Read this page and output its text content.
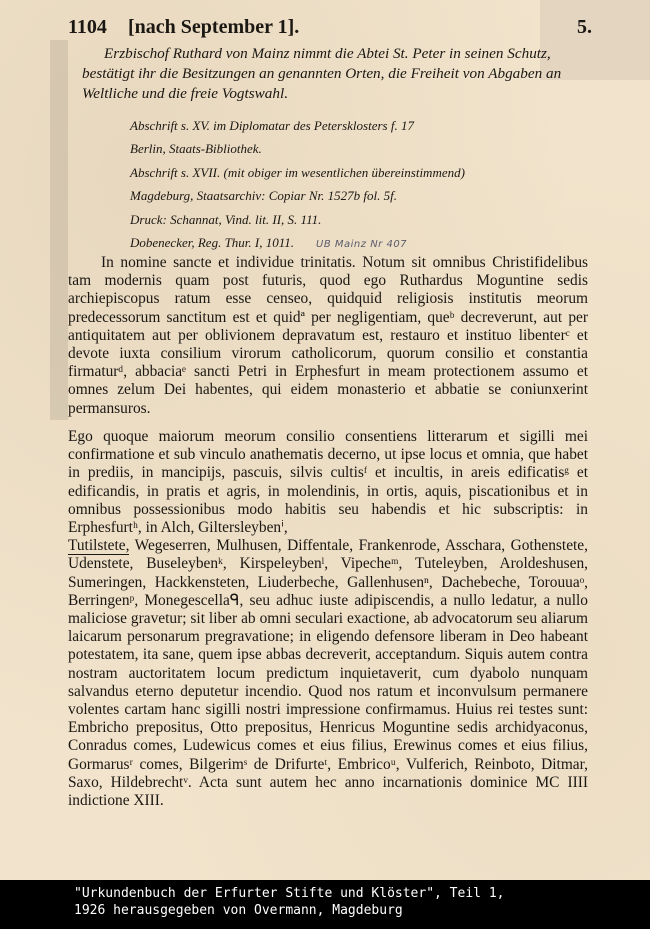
1104 [nach September 1].	5.
Erzbischof Ruthard von Mainz nimmt die Abtei St. Peter in seinen Schutz, bestätigt ihr die Besitzungen an genannten Orten, die Freiheit von Abgaben an Weltliche und die freie Vogtswahl.
Abschrift s. XV. im Diplomatar des Petersklosters f. 17
Berlin, Staats-Bibliothek.
Abschrift s. XVII. (mit obiger im wesentlichen übereinstimmend)
Magdeburg, Staatsarchiv: Copiar Nr. 1527b fol. 5f.
Druck: Schannat, Vind. lit. II, S. 111.
Dobenecker, Reg. Thur. I, 1011. UB Mainz Nr 407
In nomine sancte et individue trinitatis. Notum sit omnibus Christifidelibus tam modernis quam post futuris, quod ego Ruthardus Moguntine sedis archiepiscopus ratum esse censeo, quidquid religiosis institutis meorum predecessorum sanctitum est et quidª per negligentiam, queᵇ decreverunt, aut per antiquitatem aut per oblivionem depravatum est, restauro et instituo libenterᶜ et devote iuxta consilium virorum catholicorum, quorum consilio et constantia firmaturᵈ, abbaciaᵉ sancti Petri in Erphesfurt in meam protectionem assumo et omnes zelum Dei habentes, qui eidem monasterio et abbatie se coniunxerint permansuros.
Ego quoque maiorum meorum consilio consentiens litterarum et sigilli mei confirmatione et sub vinculo anathematis decerno, ut ipse locus et omnia, que habet in prediis, in mancipijs, pascuis, silvis cultisᶠ et incultis, in areis edificatisᵍ et edificandis, in pratis et agris, in molendinis, in ortis, aquis, piscationibus et in omnibus possessionibus modo habitis seu habendis et hic subscriptis: in Erphesfurtʰ, in Alch, Giltersleybenⁱ,
Tutilstete, Wegeserren, Mulhusen, Diffentale, Frankenrode, Asschara, Gothenstete, Udenstete, Buseleybenᵏ, Kirspeleybenˡ, Vipecheᵐ, Tuteleyben, Aroldeshusen, Sumeringen, Hackkensteten, Liuderbeche, Gallenhusenⁿ, Dachebeche, Torouuaᵒ, Berringenᵖ, Monegescellaᑫ, seu adhuc iuste adipiscendis, a nullo ledatur, a nullo maliciose gravetur; sit liber ab omni seculari exactione, ab advocatorum seu aliarum laicarum personarum pregravatione; in eligendo defensore liberam in Deo habeant potestatem, ita sane, quem ipse abbas decreverit, acceptandum. Siquis autem contra nostram auctoritatem locum predictum inquietaverit, cum dyabolo nunquam salvandus eterno deputetur incendio. Quod nos ratum et inconvulsum permanere volentes cartam hanc sigilli nostri impressione confirmamus. Huius rei testes sunt: Embricho prepositus, Otto prepositus, Henricus Moguntine sedis archidyaconus, Conradus comes, Ludewicus comes et eius filius, Erewinus comes et eius filius, Gormarusʳ comes, Bilgerimˢ de Drifurteᵗ, Embricoᵘ, Vulferich, Reinboto, Ditmar, Saxo, Hildebrechtᵛ. Acta sunt autem hec anno incarnationis dominice MC IIII indictione XIII.
"Urkundenbuch der Erfurter Stifte und Klöster", Teil 1,
1926 herausgegeben von Overmann, Magdeburg
